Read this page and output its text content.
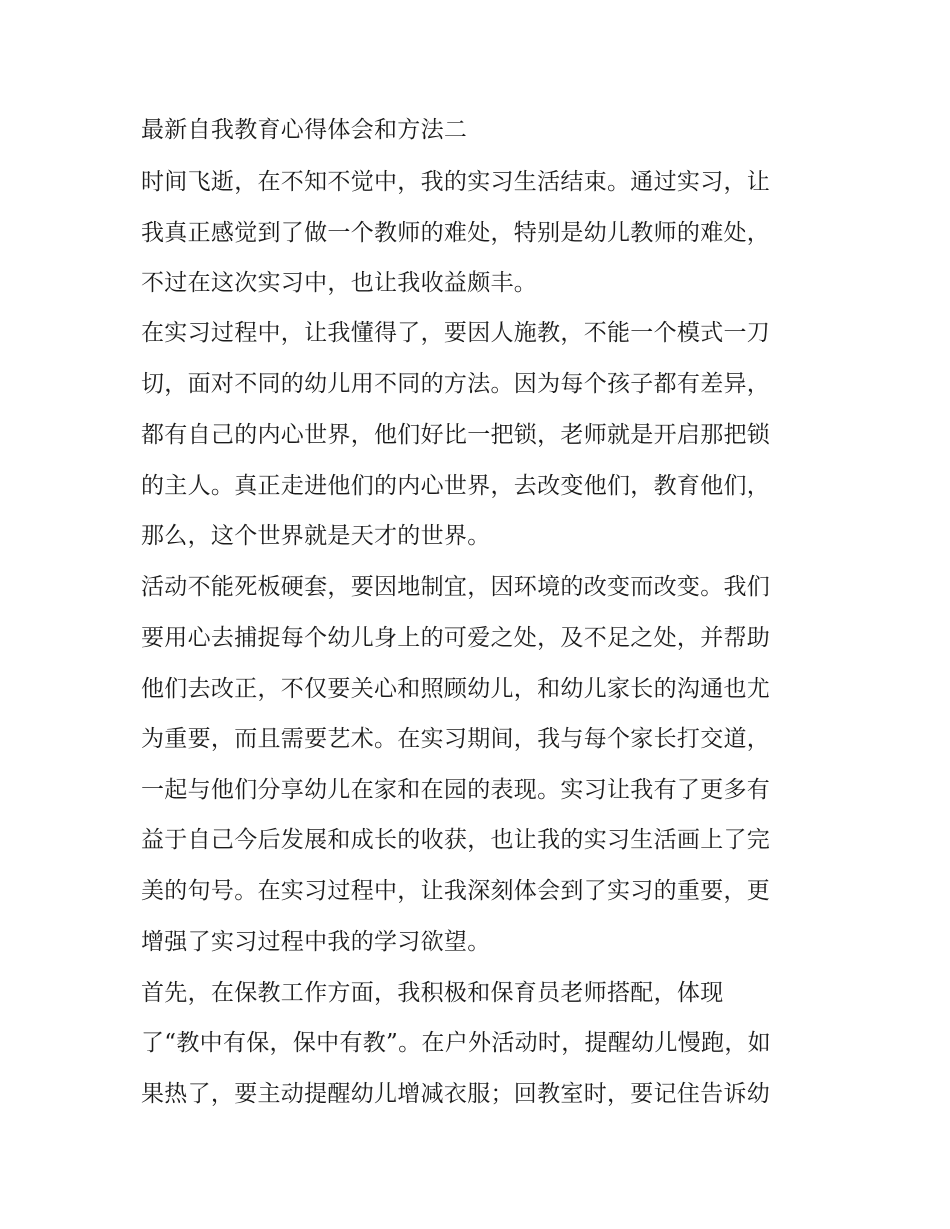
最新自我教育心得体会和方法二

时间飞逝，在不知不觉中，我的实习生活结束。通过实习，让

我真正感觉到了做一个教师的难处，特别是幼儿教师的难处，

不过在这次实习中，也让我收益颇丰。

在实习过程中，让我懂得了，要因人施教，不能一个模式一刀

切，面对不同的幼儿用不同的方法。因为每个孩子都有差异，

都有自己的内心世界，他们好比一把锁，老师就是开启那把锁

的主人。真正走进他们的内心世界，去改变他们，教育他们，

那么，这个世界就是天才的世界。

活动不能死板硬套，要因地制宜，因环境的改变而改变。我们

要用心去捕捉每个幼儿身上的可爱之处，及不足之处，并帮助

他们去改正，不仅要关心和照顾幼儿，和幼儿家长的沟通也尤

为重要，而且需要艺术。在实习期间，我与每个家长打交道，

一起与他们分享幼儿在家和在园的表现。实习让我有了更多有

益于自己今后发展和成长的收获，也让我的实习生活画上了完

美的句号。在实习过程中，让我深刻体会到了实习的重要，更

增强了实习过程中我的学习欲望。

首先，在保教工作方面，我积极和保育员老师搭配，体现

了“教中有保，保中有教”。在户外活动时，提醒幼儿慢跑，如

果热了，要主动提醒幼儿增减衣服；回教室时，要记住告诉幼
